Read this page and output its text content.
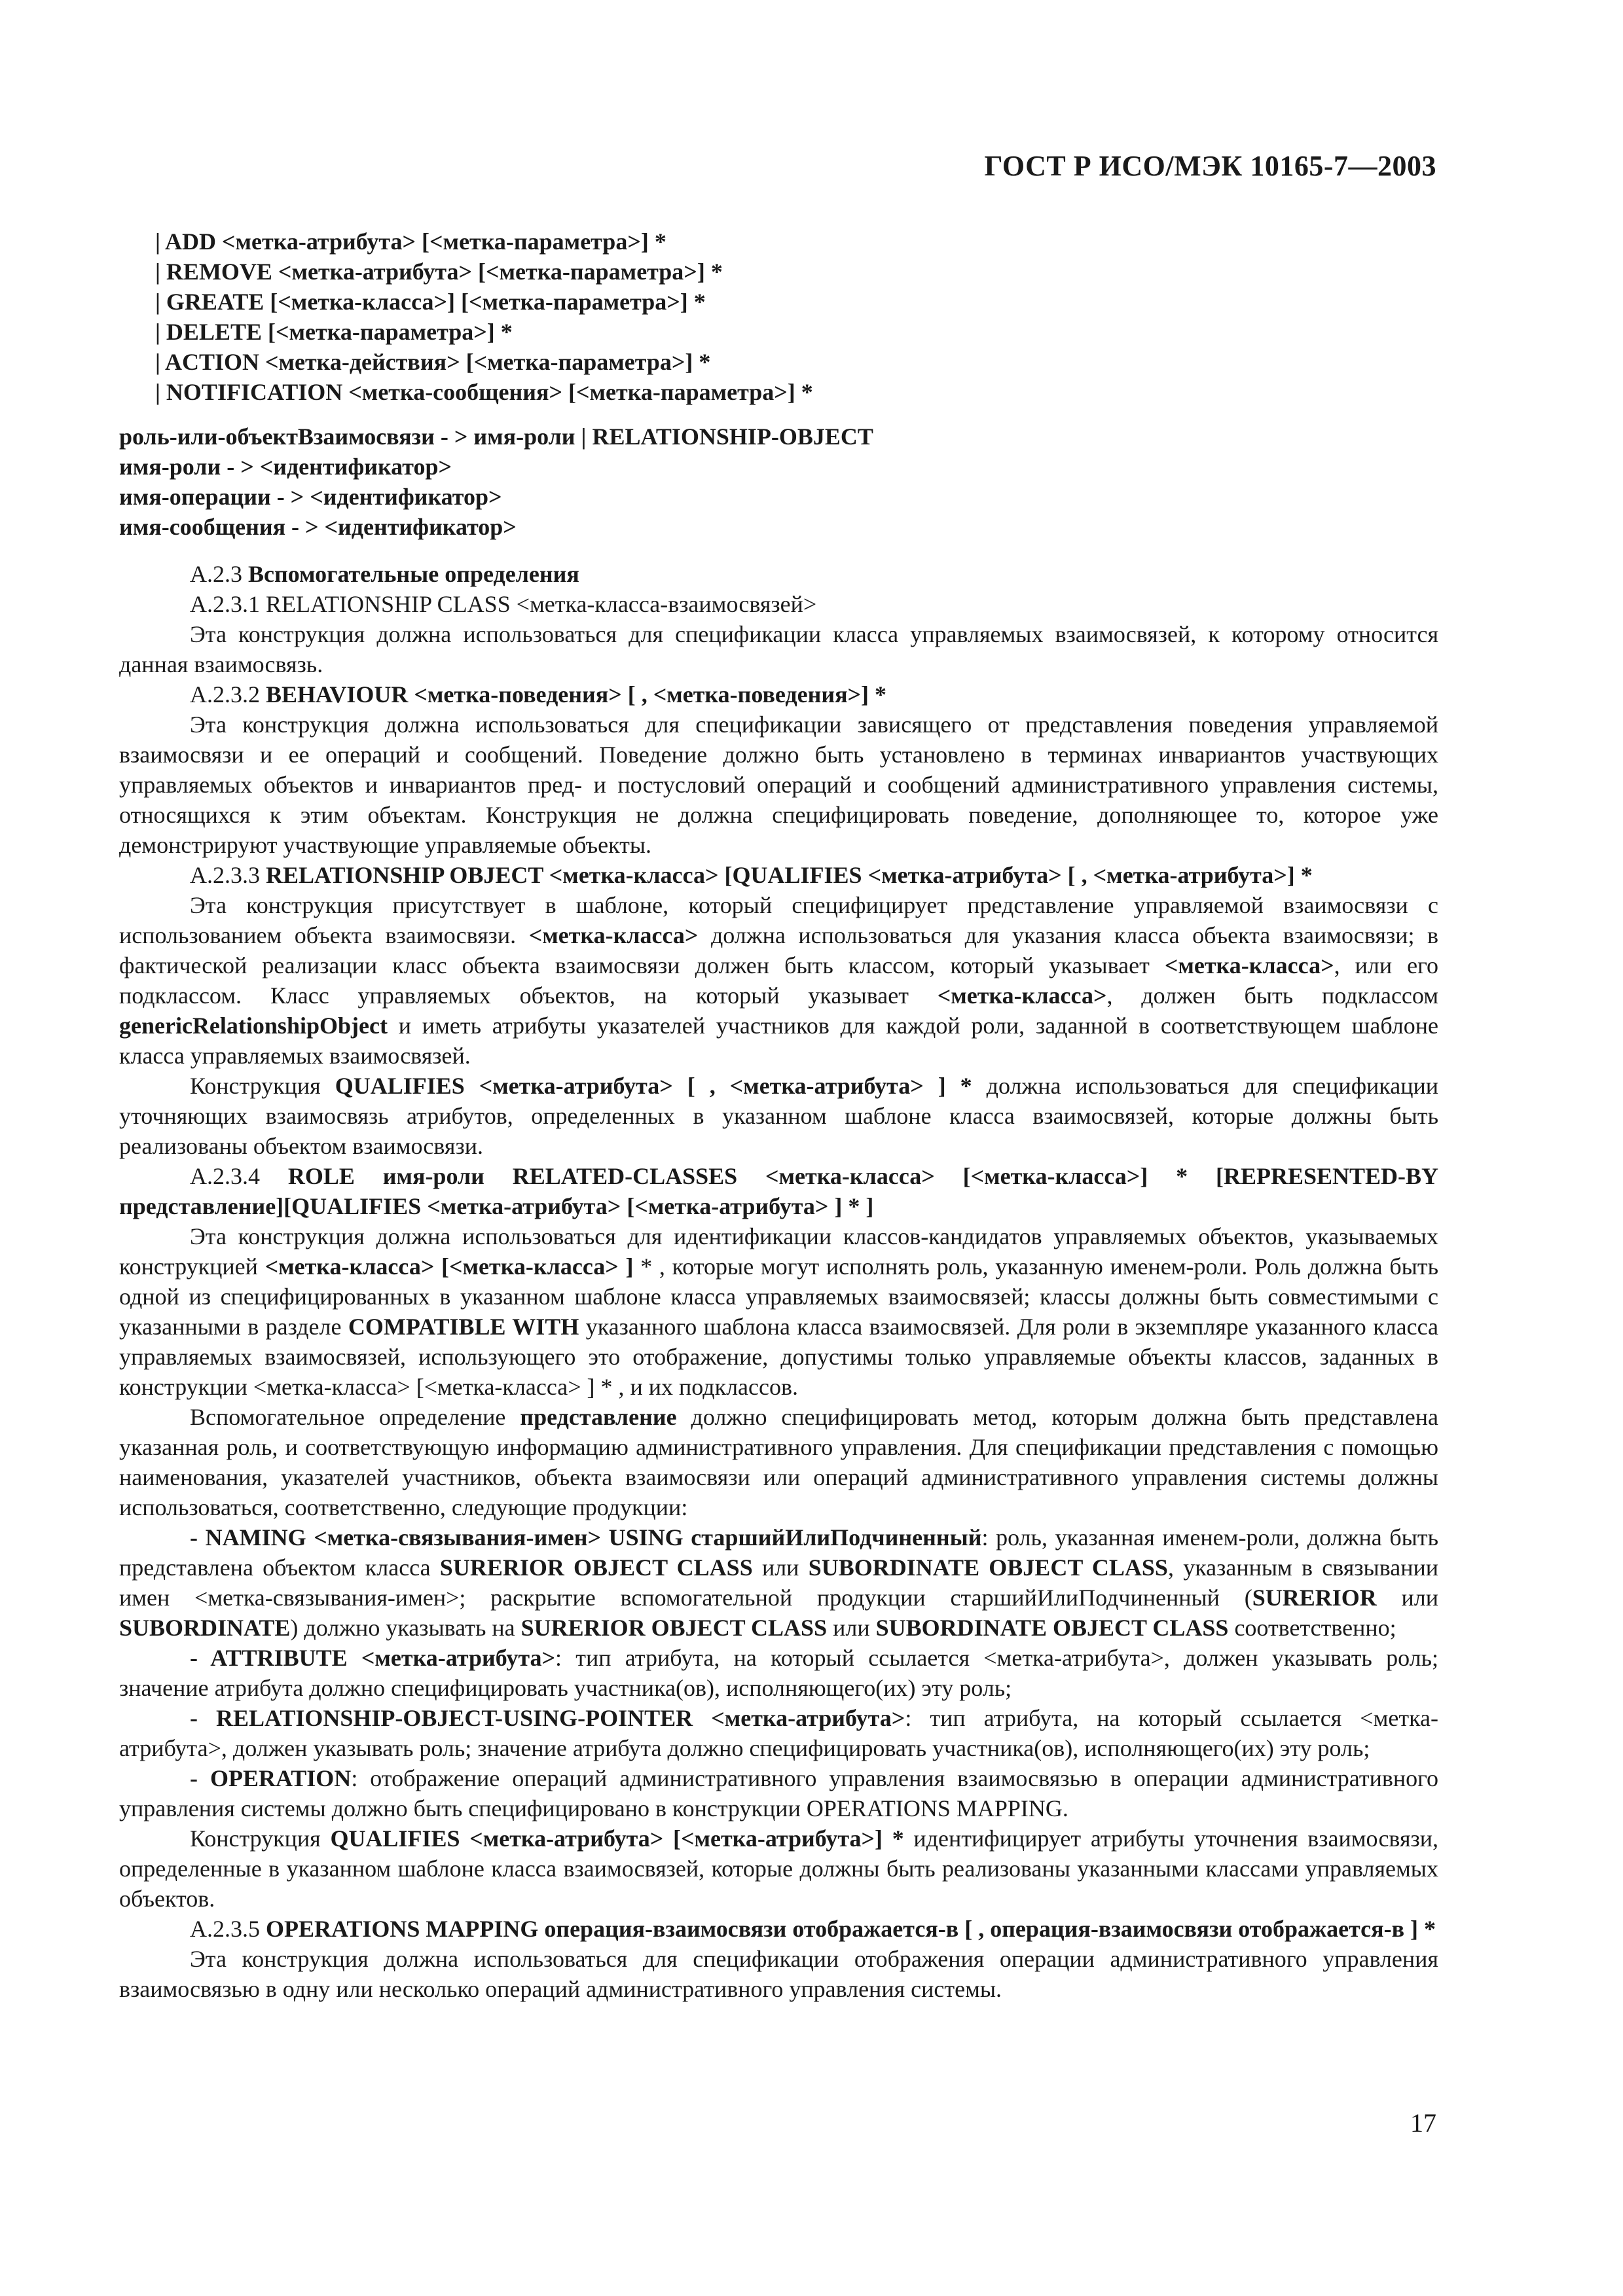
ГОСТ Р ИСО/МЭК 10165-7—2003
| ADD <метка-атрибута> [<метка-параметра>] *
| REMOVE <метка-атрибута> [<метка-параметра>] *
| GREATE [<метка-класса>] [<метка-параметра>] *
| DELETE [<метка-параметра>] *
| ACTION <метка-действия> [<метка-параметра>] *
| NOTIFICATION <метка-сообщения> [<метка-параметра>] *
роль-или-объектВзаимосвязи - > имя-роли | RELATIONSHIP-OBJECT
имя-роли - > <идентификатор>
имя-операции - > <идентификатор>
имя-сообщения - > <идентификатор>

А.2.3 Вспомогательные определения

А.2.3.1 RELATIONSHIP CLASS <метка-класса-взаимосвязей>

Эта конструкция должна использоваться для спецификации класса управляемых взаимосвязей, к которому относится данная взаимосвязь.

А.2.3.2 BEHAVIOUR <метка-поведения> [ , <метка-поведения>] *

Эта конструкция должна использоваться для спецификации зависящего от представления поведения управляемой взаимосвязи и ее операций и сообщений. Поведение должно быть установлено в терминах инвариантов участвующих управляемых объектов и инвариантов пред- и постусловий операций и сообщений административного управления системы, относящихся к этим объектам. Конструкция не должна специфицировать поведение, дополняющее то, которое уже демонстрируют участвующие управляемые объекты.

А.2.3.3 RELATIONSHIP OBJECT <метка-класса> [QUALIFIES <метка-атрибута> [ , <метка-атрибута>] *

Эта конструкция присутствует в шаблоне, который специфицирует представление управляемой взаимосвязи с использованием объекта взаимосвязи. <метка-класса> должна использоваться для указания класса объекта взаимосвязи; в фактической реализации класс объекта взаимосвязи должен быть классом, который указывает <метка-класса>, или его подклассом. Класс управляемых объектов, на который указывает <метка-класса>, должен быть подклассом genericRelationshipObject и иметь атрибуты указателей участников для каждой роли, заданной в соответствующем шаблоне класса управляемых взаимосвязей.

Конструкция QUALIFIES <метка-атрибута> [ , <метка-атрибута> ] * должна использоваться для спецификации уточняющих взаимосвязь атрибутов, определенных в указанном шаблоне класса взаимосвязей, которые должны быть реализованы объектом взаимосвязи.

А.2.3.4 ROLE имя-роли RELATED-CLASSES <метка-класса> [<метка-класса>] * [REPRESENTED-BY представление][QUALIFIES <метка-атрибута> [<метка-атрибута> ] * ]

Эта конструкция должна использоваться для идентификации классов-кандидатов управляемых объектов, указываемых конструкцией <метка-класса> [<метка-класса> ] * , которые могут исполнять роль, указанную именем-роли. Роль должна быть одной из специфицированных в указанном шаблоне класса управляемых взаимосвязей; классы должны быть совместимыми с указанными в разделе COMPATIBLE WITH указанного шаблона класса взаимосвязей. Для роли в экземпляре указанного класса управляемых взаимосвязей, использующего это отображение, допустимы только управляемые объекты классов, заданных в конструкции <метка-класса> [<метка-класса> ] * , и их подклассов.

Вспомогательное определение представление должно специфицировать метод, которым должна быть представлена указанная роль, и соответствующую информацию административного управления. Для спецификации представления с помощью наименования, указателей участников, объекта взаимосвязи или операций административного управления системы должны использоваться, соответственно, следующие продукции:

- NAMING <метка-связывания-имен> USING старшийИлиПодчиненный: роль, указанная именем-роли, должна быть представлена объектом класса SURERIOR OBJECT CLASS или SUBORDINATE OBJECT CLASS, указанным в связывании имен <метка-связывания-имен>; раскрытие вспомогательной продукции старшийИлиПодчиненный (SURERIOR или SUBORDINATE) должно указывать на SURERIOR OBJECT CLASS или SUBORDINATE OBJECT CLASS соответственно;

- ATTRIBUTE <метка-атрибута>: тип атрибута, на который ссылается <метка-атрибута>, должен указывать роль; значение атрибута должно специфицировать участника(ов), исполняющего(их) эту роль;

- RELATIONSHIP-OBJECT-USING-POINTER <метка-атрибута>: тип атрибута, на который ссылается <метка-атрибута>, должен указывать роль; значение атрибута должно специфицировать участника(ов), исполняющего(их) эту роль;

- OPERATION: отображение операций административного управления взаимосвязью в операции административного управления системы должно быть специфицировано в конструкции OPERATIONS MAPPING.

Конструкция QUALIFIES <метка-атрибута> [<метка-атрибута>] * идентифицирует атрибуты уточнения взаимосвязи, определенные в указанном шаблоне класса взаимосвязей, которые должны быть реализованы указанными классами управляемых объектов.

А.2.3.5 OPERATIONS MAPPING операция-взаимосвязи отображается-в [ , операция-взаимосвязи отображается-в ] *

Эта конструкция должна использоваться для спецификации отображения операции административного управления взаимосвязью в одну или несколько операций административного управления системы.

17
